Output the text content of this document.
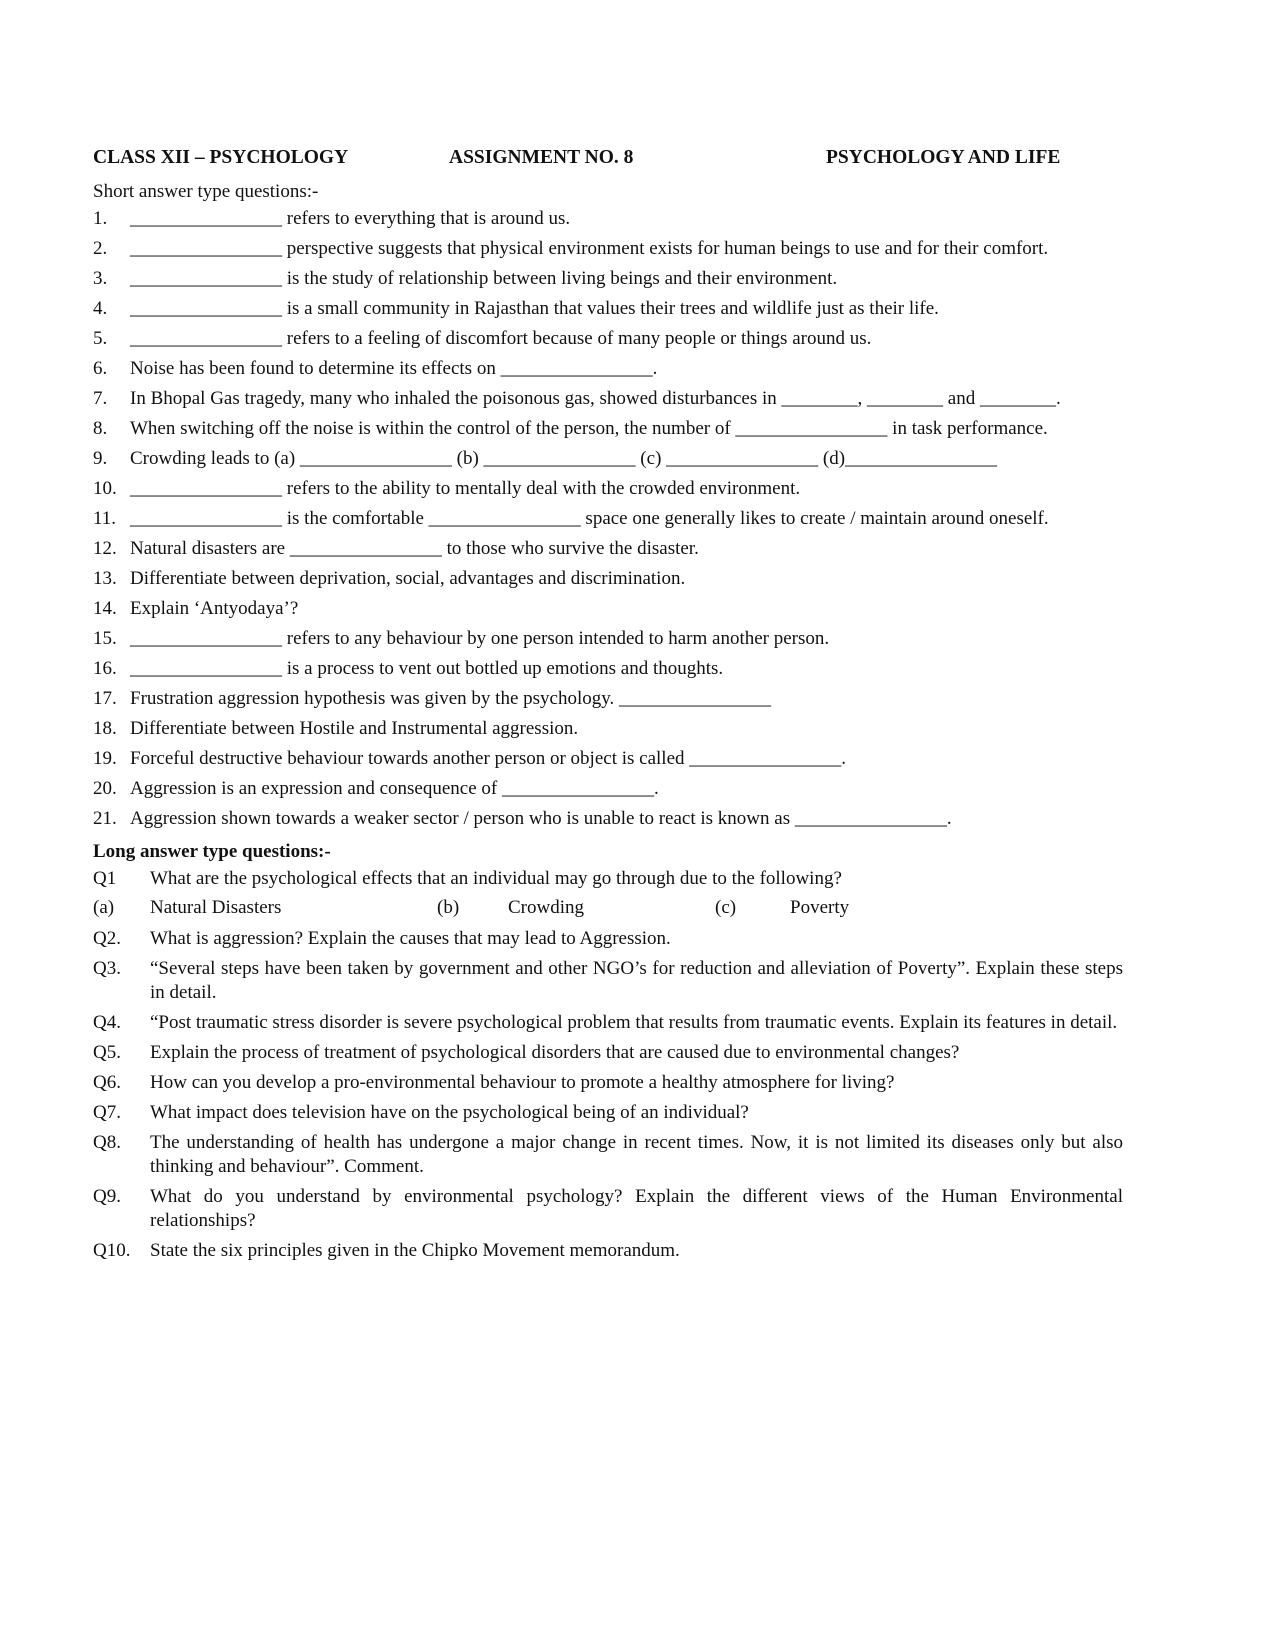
CLASS XII – PSYCHOLOGY	ASSIGNMENT NO. 8	PSYCHOLOGY AND LIFE

Short answer type questions:-

1. ________________ refers to everything that is around us.
2. ________________ perspective suggests that physical environment exists for human beings to use and for their comfort.
3. ________________ is the study of relationship between living beings and their environment.
4. ________________ is a small community in Rajasthan that values their trees and wildlife just as their life.
5. ________________ refers to a feeling of discomfort because of many people or things around us.
6. Noise has been found to determine its effects on ________________.
7. In Bhopal Gas tragedy, many who inhaled the poisonous gas, showed disturbances in ________, ________ and ________.
8. When switching off the noise is within the control of the person, the number of ________________ in task performance.
9. Crowding leads to (a) ________________ (b) ________________ (c) ________________ (d)________________
10. ________________ refers to the ability to mentally deal with the crowded environment.
11. ________________ is the comfortable ________________ space one generally likes to create / maintain around oneself.
12. Natural disasters are ________________ to those who survive the disaster.
13. Differentiate between deprivation, social, advantages and discrimination.
14. Explain ‘Antyodaya’?
15. ________________ refers to any behaviour by one person intended to harm another person.
16. ________________ is a process to vent out bottled up emotions and thoughts.
17. Frustration aggression hypothesis was given by the psychology. ________________
18. Differentiate between Hostile and Instrumental aggression.
19. Forceful destructive behaviour towards another person or object is called ________________.
20. Aggression is an expression and consequence of ________________.
21. Aggression shown towards a weaker sector / person who is unable to react is known as ________________.

Long answer type questions:-

Q1 What are the psychological effects that an individual may go through due to the following?
(a) Natural Disasters	(b)	Crowding	(c)	Poverty
Q2. What is aggression? Explain the causes that may lead to Aggression.
Q3. “Several steps have been taken by government and other NGO’s for reduction and alleviation of Poverty”. Explain these steps in detail.
Q4. “Post traumatic stress disorder is severe psychological problem that results from traumatic events. Explain its features in detail.
Q5. Explain the process of treatment of psychological disorders that are caused due to environmental changes?
Q6. How can you develop a pro-environmental behaviour to promote a healthy atmosphere for living?
Q7. What impact does television have on the psychological being of an individual?
Q8. The understanding of health has undergone a major change in recent times. Now, it is not limited its diseases only but also thinking and behaviour”. Comment.
Q9. What do you understand by environmental psychology? Explain the different views of the Human Environmental relationships?
Q10. State the six principles given in the Chipko Movement memorandum.
